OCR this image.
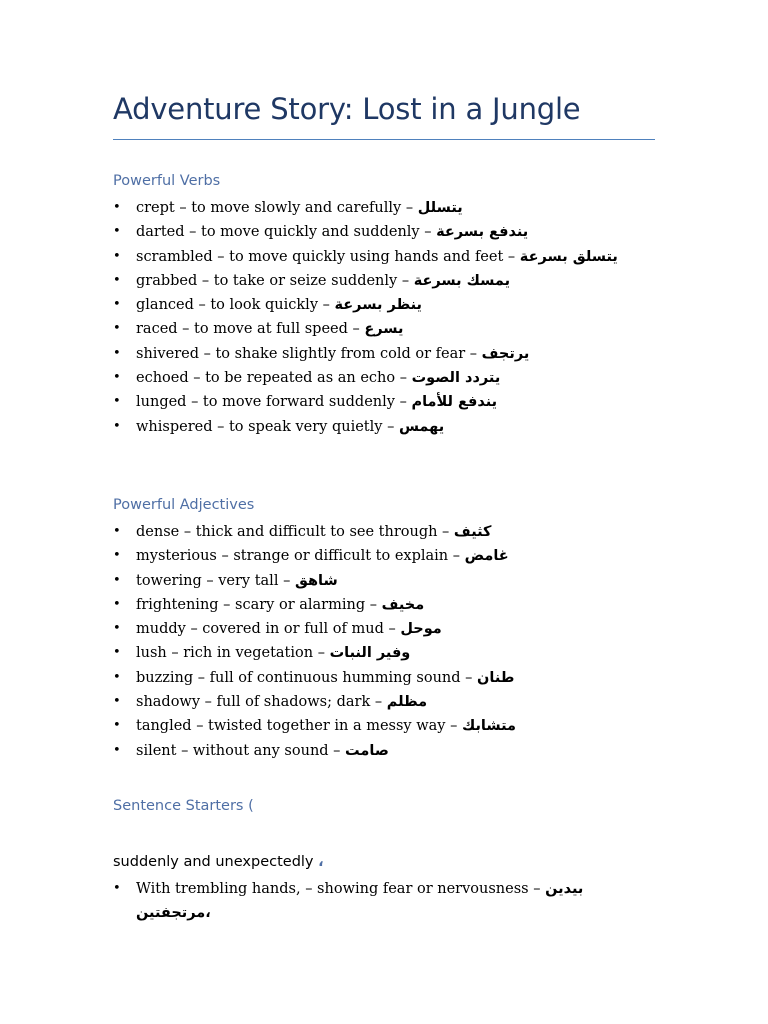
Adventure Story: Lost in a Jungle
Powerful Verbs
•	crept – to move slowly and carefully – يتسلل
•	darted – to move quickly and suddenly – يندفع بسرعة
•	scrambled – to move quickly using hands and feet – يتسلق بسرعة
•	grabbed – to take or seize suddenly – يمسك بسرعة
•	glanced – to look quickly – ينظر بسرعة
•	raced – to move at full speed – يسرع
•	shivered – to shake slightly from cold or fear – يرتجف
•	echoed – to be repeated as an echo – يتردد الصوت
•	lunged – to move forward suddenly – يندفع للأمام
•	whispered – to speak very quietly – يهمس
Powerful Adjectives
•	dense – thick and difficult to see through – كثيف
•	mysterious – strange or difficult to explain – غامض
•	towering – very tall – شاهق
•	frightening – scary or alarming – مخيف
•	muddy – covered in or full of mud – موحل
•	lush – rich in vegetation – وفير النبات
•	buzzing – full of continuous humming sound – طنان
•	shadowy – full of shadows; dark – مظلم
•	tangled – twisted together in a messy way – متشابك
•	silent – without any sound – صامت
Sentence Starters (
suddenly and unexpectedly ،
•	With trembling hands, – showing fear or nervousness – بيدين مرتجفتين،
